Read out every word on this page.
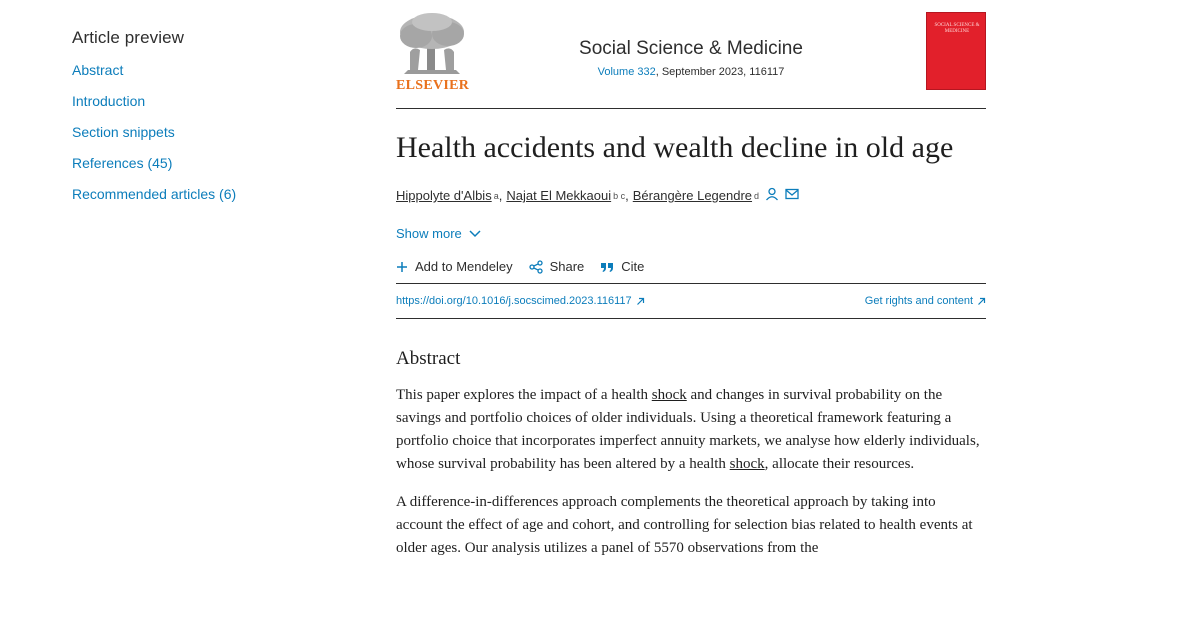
Article preview
Abstract
Introduction
Section snippets
References (45)
Recommended articles (6)
ELSEVIER
Social Science & Medicine
Volume 332, September 2023, 116117
SOCIAL SCIENCE & MEDICINE
Health accidents and wealth decline in old age
Hippolyte d'Albis a , Najat El Mekkaoui b c , Bérangère Legendre d
Show more
Add to Mendeley	Share	Cite
https://doi.org/10.1016/j.socscimed.2023.116117	Get rights and content
Abstract

This paper explores the impact of a health shock and changes in survival probability on the savings and portfolio choices of older individuals. Using a theoretical framework featuring a portfolio choice that incorporates imperfect annuity markets, we analyse how elderly individuals, whose survival probability has been altered by a health shock, allocate their resources.

A difference-in-differences approach complements the theoretical approach by taking into account the effect of age and cohort, and controlling for selection bias related to health events at older ages. Our analysis utilizes a panel of 5570 observations from the
